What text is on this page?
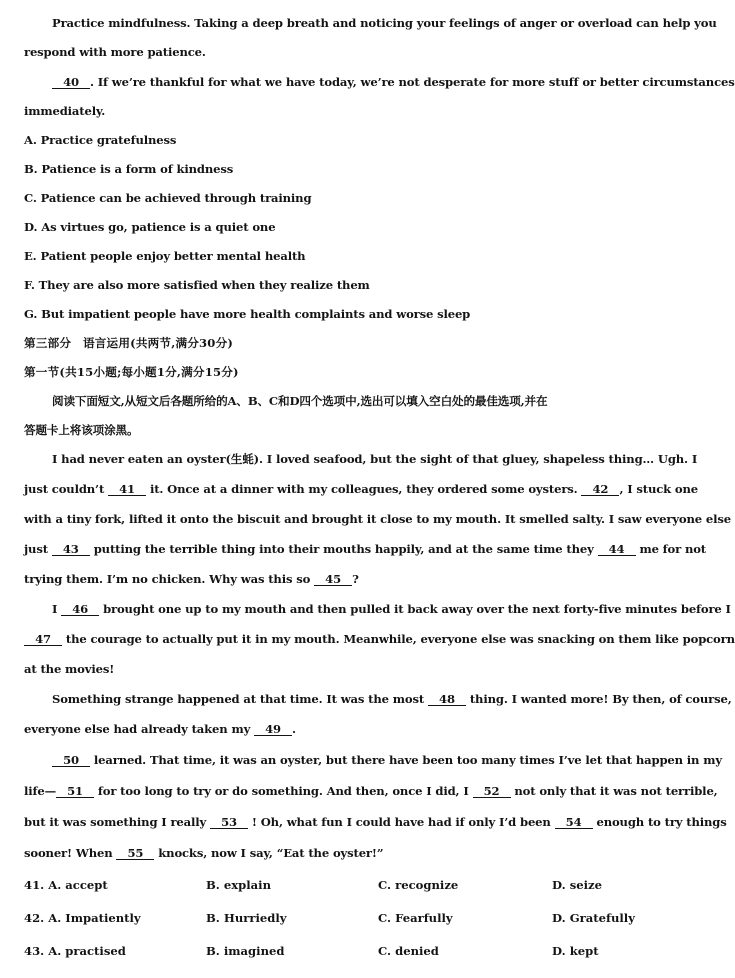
Practice mindfulness. Taking a deep breath and noticing your feelings of anger or overload can help you
respond with more patience.
40 . If we’re thankful for what we have today, we’re not desperate for more stuff or better circumstances
immediately.
A. Practice gratefulness
B. Patience is a form of kindness
C. Patience can be achieved through training
D. As virtues go, patience is a quiet one
E. Patient people enjoy better mental health
F. They are also more satisfied when they realize them
G. But impatient people have more health complaints and worse sleep
第三部分　语言运用(共两节,满分30分)
第一节(共15小题;每小题1分,满分15分)
阅读下面短文,从短文后各题所给的A、B、C和D四个选项中,选出可以填入空白处的最佳选项,并在
答题卡上将该项涂黑。
I had never eaten an oyster(生蚝). I loved seafood, but the sight of that gluey, shapeless thing… Ugh. I
just couldn’t 41 it. Once at a dinner with my colleagues, they ordered some oysters. 42 , I stuck one
with a tiny fork, lifted it onto the biscuit and brought it close to my mouth. It smelled salty. I saw everyone else
just 43 putting the terrible thing into their mouths happily, and at the same time they 44 me for not
trying them. I’m no chicken. Why was this so 45 ?
I 46 brought one up to my mouth and then pulled it back away over the next forty-five minutes before I
47 the courage to actually put it in my mouth. Meanwhile, everyone else was snacking on them like popcorn
at the movies!
Something strange happened at that time. It was the most 48 thing. I wanted more! By then, of course,
everyone else had already taken my 49 .
50 learned. That time, it was an oyster, but there have been too many times I’ve let that happen in my
life— 51 for too long to try or do something. And then, once I did, I 52 not only that it was not terrible,
but it was something I really 53 ! Oh, what fun I could have had if only I’d been 54 enough to try things
sooner! When 55 knocks, now I say, “Eat the oyster!”
41. A. accept	B. explain	C. recognize	D. seize
42. A. Impatiently	B. Hurriedly	C. Fearfully	D. Gratefully
43. A. practised	B. imagined	C. denied	D. kept
